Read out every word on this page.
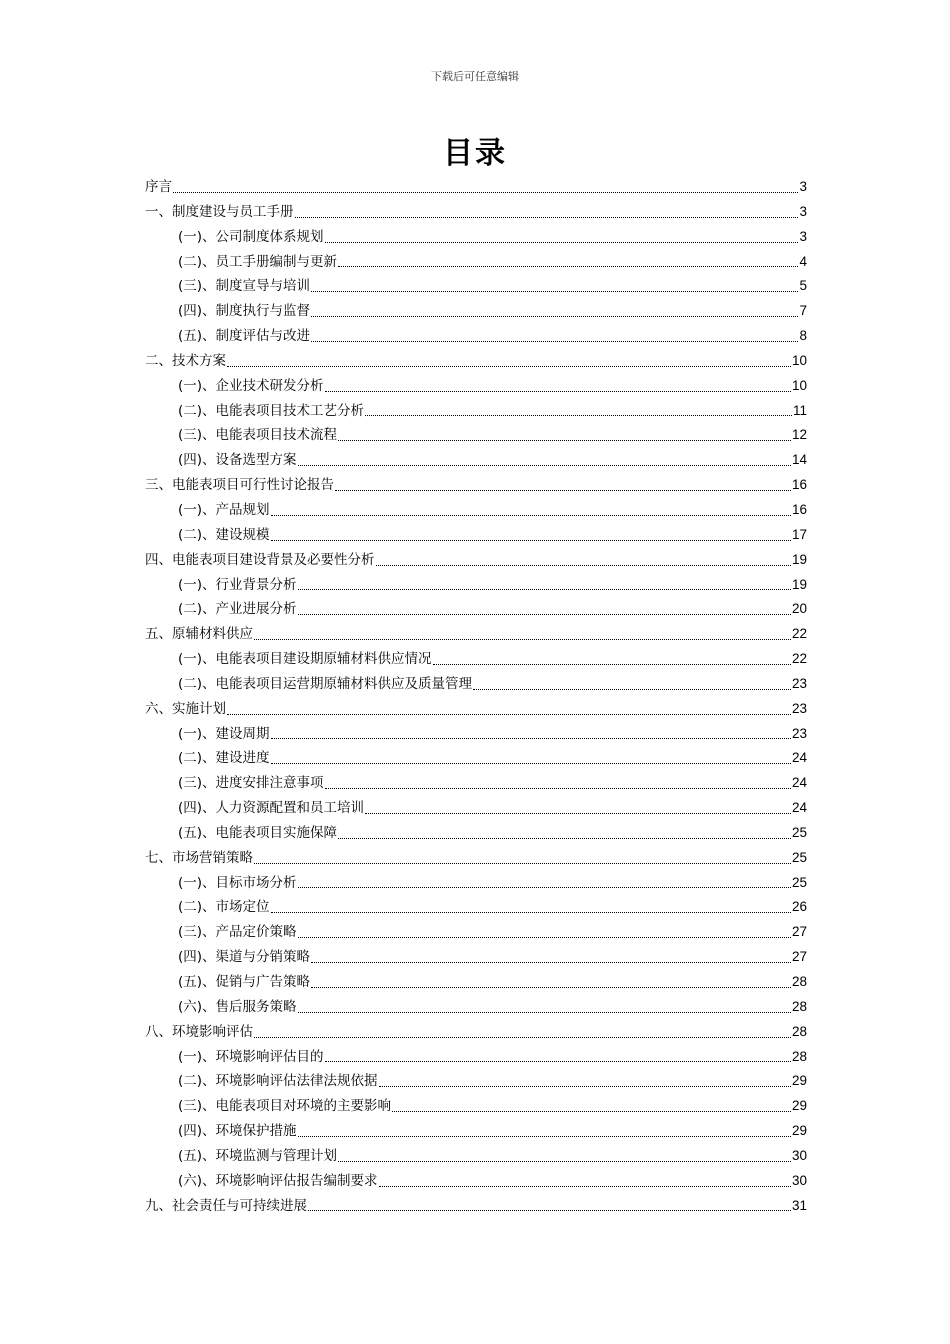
下载后可任意编辑
目录
序言	3
一、制度建设与员工手册	3
(一)、公司制度体系规划	3
(二)、员工手册编制与更新	4
(三)、制度宣导与培训	5
(四)、制度执行与监督	7
(五)、制度评估与改进	8
二、技术方案	10
(一)、企业技术研发分析	10
(二)、电能表项目技术工艺分析	11
(三)、电能表项目技术流程	12
(四)、设备选型方案	14
三、电能表项目可行性讨论报告	16
(一)、产品规划	16
(二)、建设规模	17
四、电能表项目建设背景及必要性分析	19
(一)、行业背景分析	19
(二)、产业进展分析	20
五、原辅材料供应	22
(一)、电能表项目建设期原辅材料供应情况	22
(二)、电能表项目运营期原辅材料供应及质量管理	23
六、实施计划	23
(一)、建设周期	23
(二)、建设进度	24
(三)、进度安排注意事项	24
(四)、人力资源配置和员工培训	24
(五)、电能表项目实施保障	25
七、市场营销策略	25
(一)、目标市场分析	25
(二)、市场定位	26
(三)、产品定价策略	27
(四)、渠道与分销策略	27
(五)、促销与广告策略	28
(六)、售后服务策略	28
八、环境影响评估	28
(一)、环境影响评估目的	28
(二)、环境影响评估法律法规依据	29
(三)、电能表项目对环境的主要影响	29
(四)、环境保护措施	29
(五)、环境监测与管理计划	30
(六)、环境影响评估报告编制要求	30
九、社会责任与可持续进展	31
